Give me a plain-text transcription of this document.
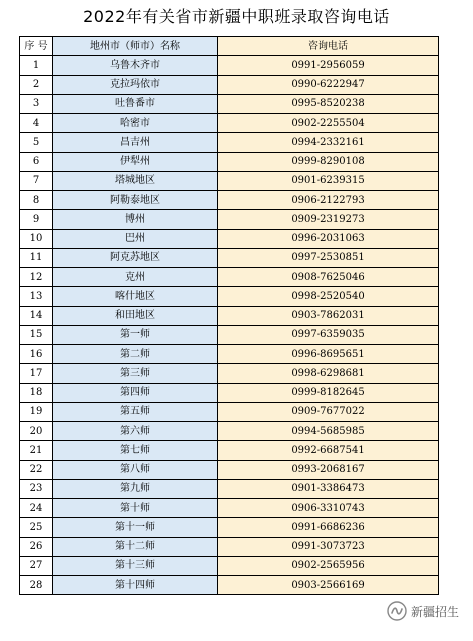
2022年有关省市新疆中职班录取咨询电话
序 号	地州市（师市）名称	咨询电话
1	乌鲁木齐市	0991-2956059
2	克拉玛依市	0990-6222947
3	吐鲁番市	0995-8520238
4	哈密市	0902-2255504
5	昌吉州	0994-2332161
6	伊犁州	0999-8290108
7	塔城地区	0901-6239315
8	阿勒泰地区	0906-2122793
9	博州	0909-2319273
10	巴州	0996-2031063
11	阿克苏地区	0997-2530851
12	克州	0908-7625046
13	喀什地区	0998-2520540
14	和田地区	0903-7862031
15	第一师	0997-6359035
16	第二师	0996-8695651
17	第三师	0998-6298681
18	第四师	0999-8182645
19	第五师	0909-7677022
20	第六师	0994-5685985
21	第七师	0992-6687541
22	第八师	0993-2068167
23	第九师	0901-3386473
24	第十师	0906-3310743
25	第十一师	0991-6686236
26	第十二师	0991-3073723
27	第十三师	0902-2565956
28	第十四师	0903-2566169
新疆招生
